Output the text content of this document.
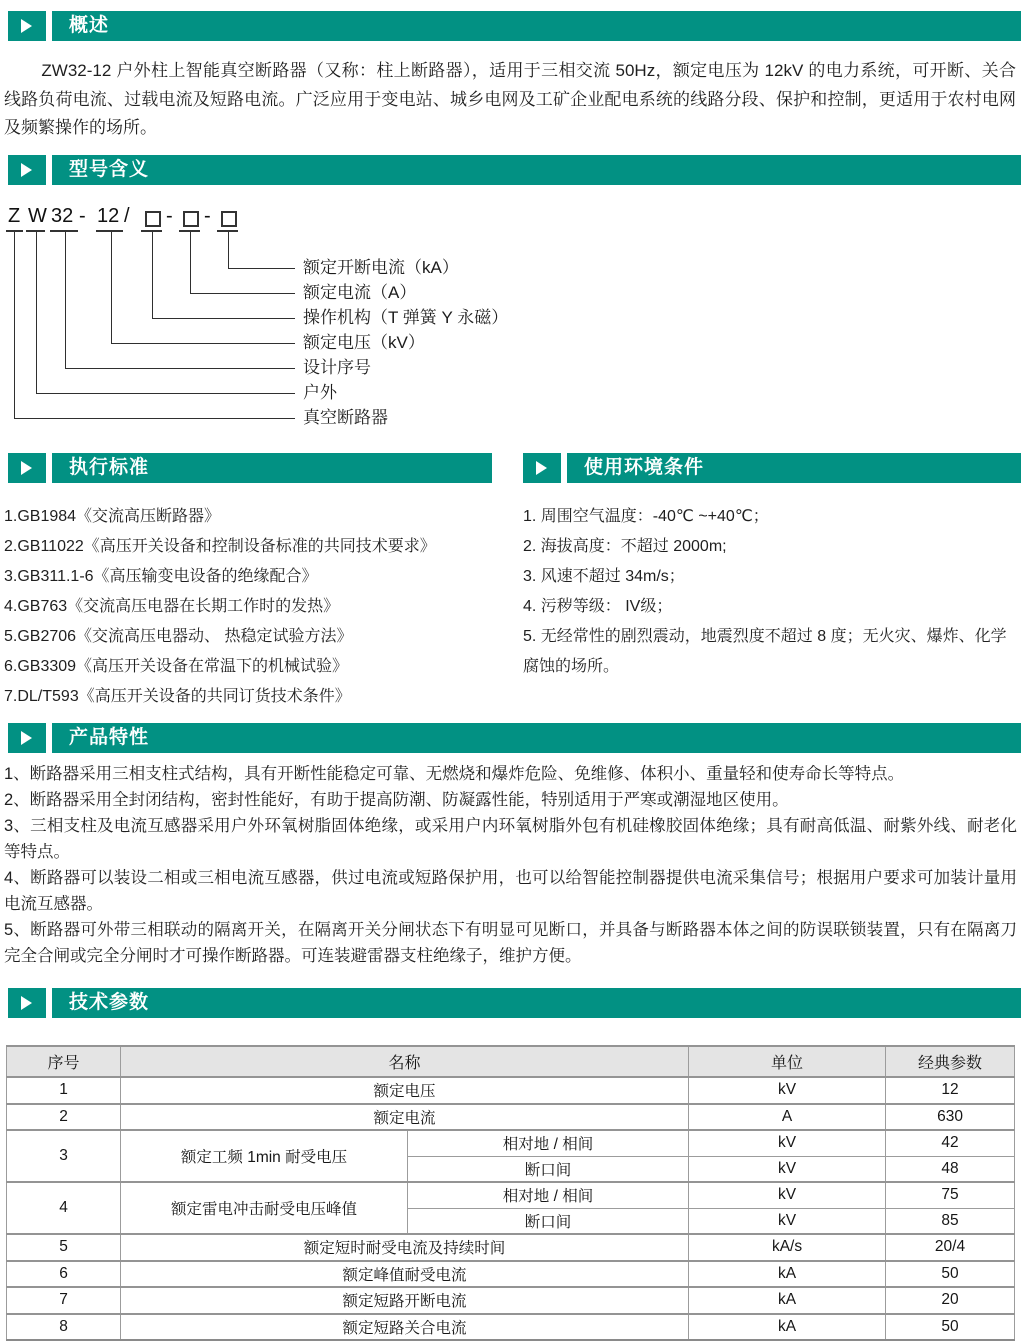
概述
ZW32-12 户外柱上智能真空断路器（又称：柱上断路器），适用于三相交流 50Hz，额定电压为 12kV 的电力系统，可开断、关合线路负荷电流、过载电流及短路电流。广泛应用于变电站、城乡电网及工矿企业配电系统的线路分段、保护和控制，更适用于农村电网及频繁操作的场所。
型号含义
Z W 32 - 12 / - -
额定开断电流（kA）
额定电流（A）
操作机构（T 弹簧 Y 永磁）
额定电压（kV）
设计序号
户外
真空断路器
执行标准	使用环境条件
1.GB1984《交流高压断路器》
2.GB11022《高压开关设备和控制设备标准的共同技术要求》
3.GB311.1-6《高压输变电设备的绝缘配合》
4.GB763《交流高压电器在长期工作时的发热》
5.GB2706《交流高压电器动、 热稳定试验方法》
6.GB3309《高压开关设备在常温下的机械试验》
7.DL/T593《高压开关设备的共同订货技术条件》
1. 周围空气温度：-40℃ ~+40℃；
2. 海拔高度：不超过 2000m;
3. 风速不超过 34m/s；
4. 污秽等级： IV级；
5. 无经常性的剧烈震动，地震烈度不超过 8 度；无火灾、爆炸、化学腐蚀的场所。
产品特性
1、断路器采用三相支柱式结构，具有开断性能稳定可靠、无燃烧和爆炸危险、免维修、体积小、重量轻和使寿命长等特点。
2、断路器采用全封闭结构，密封性能好，有助于提高防潮、防凝露性能，特别适用于严寒或潮湿地区使用。
3、三相支柱及电流互感器采用户外环氧树脂固体绝缘，或采用户内环氧树脂外包有机硅橡胶固体绝缘；具有耐高低温、耐紫外线、耐老化等特点。
4、断路器可以装设二相或三相电流互感器，供过电流或短路保护用，也可以给智能控制器提供电流采集信号；根据用户要求可加装计量用电流互感器。
5、断路器可外带三相联动的隔离开关，在隔离开关分闸状态下有明显可见断口，并具备与断路器本体之间的防误联锁装置，只有在隔离刀完全合闸或完全分闸时才可操作断路器。可连装避雷器支柱绝缘子，维护方便。
技术参数
序号	名称		单位	经典参数
1	额定电压		kV	12
2	额定电流		A	630
3	额定工频 1min 耐受电压	相对地 / 相间	kV	42
		断口间	kV	48
4	额定雷电冲击耐受电压峰值	相对地 / 相间	kV	75
		断口间	kV	85
5	额定短时耐受电流及持续时间		kA/s	20/4
6	额定峰值耐受电流		kA	50
7	额定短路开断电流		kA	20
8	额定短路关合电流		kA	50
